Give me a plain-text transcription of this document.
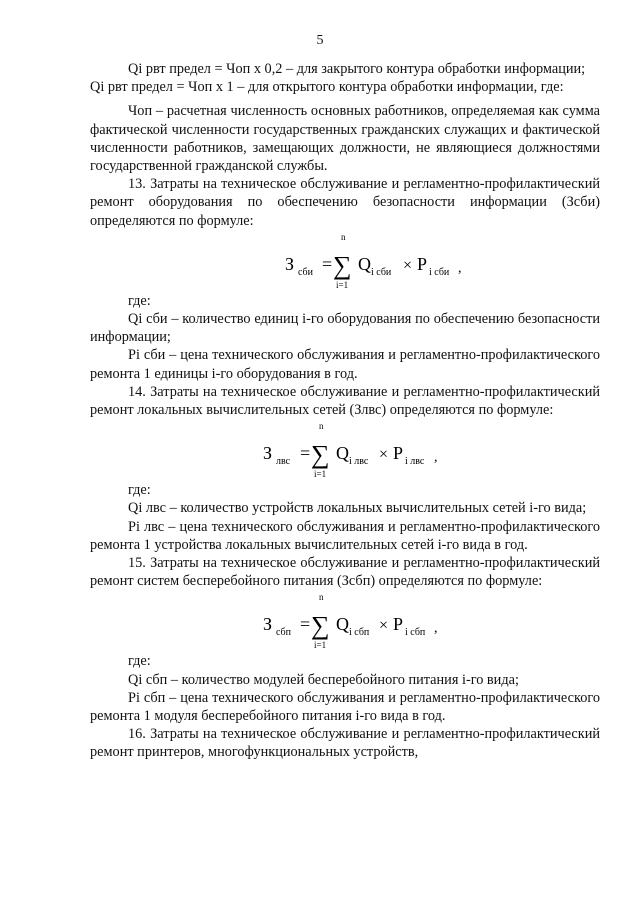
5

Qi рвт предел = Чоп х 0,2 – для закрытого контура обработки информации;

Qi рвт предел = Чоп х 1 – для открытого контура обработки информации, где:

Чоп – расчетная численность основных работников, определяемая как сумма фактической численности государственных гражданских служащих и фактической численности работников, замещающих должности, не являющиеся должностями государственной гражданской службы.

13. Затраты на техническое обслуживание и регламентно-профилактический ремонт оборудования по обеспечению безопасности информации (Зсби) определяются по формуле:

З сби =
n
∑
i=1
Q i сби × P i сби ,

где:

Qi сби – количество единиц i-го оборудования по обеспечению безопасности информации;

Pi сби – цена технического обслуживания и регламентно-профилактического ремонта 1 единицы i-го оборудования в год.

14. Затраты на техническое обслуживание и регламентно-профилактический ремонт локальных вычислительных сетей (Злвс) определяются по формуле:

З лвс =
n
∑
i=1
Q i лвс × P i лвс ,

где:

Qi лвс – количество устройств локальных вычислительных сетей i-го вида;

Pi лвс – цена технического обслуживания и регламентно-профилактического ремонта 1 устройства локальных вычислительных сетей i-го вида в год.

15. Затраты на техническое обслуживание и регламентно-профилактический ремонт систем бесперебойного питания (Зсбп) определяются по формуле:

З сбп =
n
∑
i=1
Q i сбп × P i сбп ,

где:

Qi сбп – количество модулей бесперебойного питания i-го вида;

Pi сбп – цена технического обслуживания и регламентно-профилактического ремонта 1 модуля бесперебойного питания i-го вида в год.

16. Затраты на техническое обслуживание и регламентно-профилактический ремонт принтеров, многофункциональных устройств,
